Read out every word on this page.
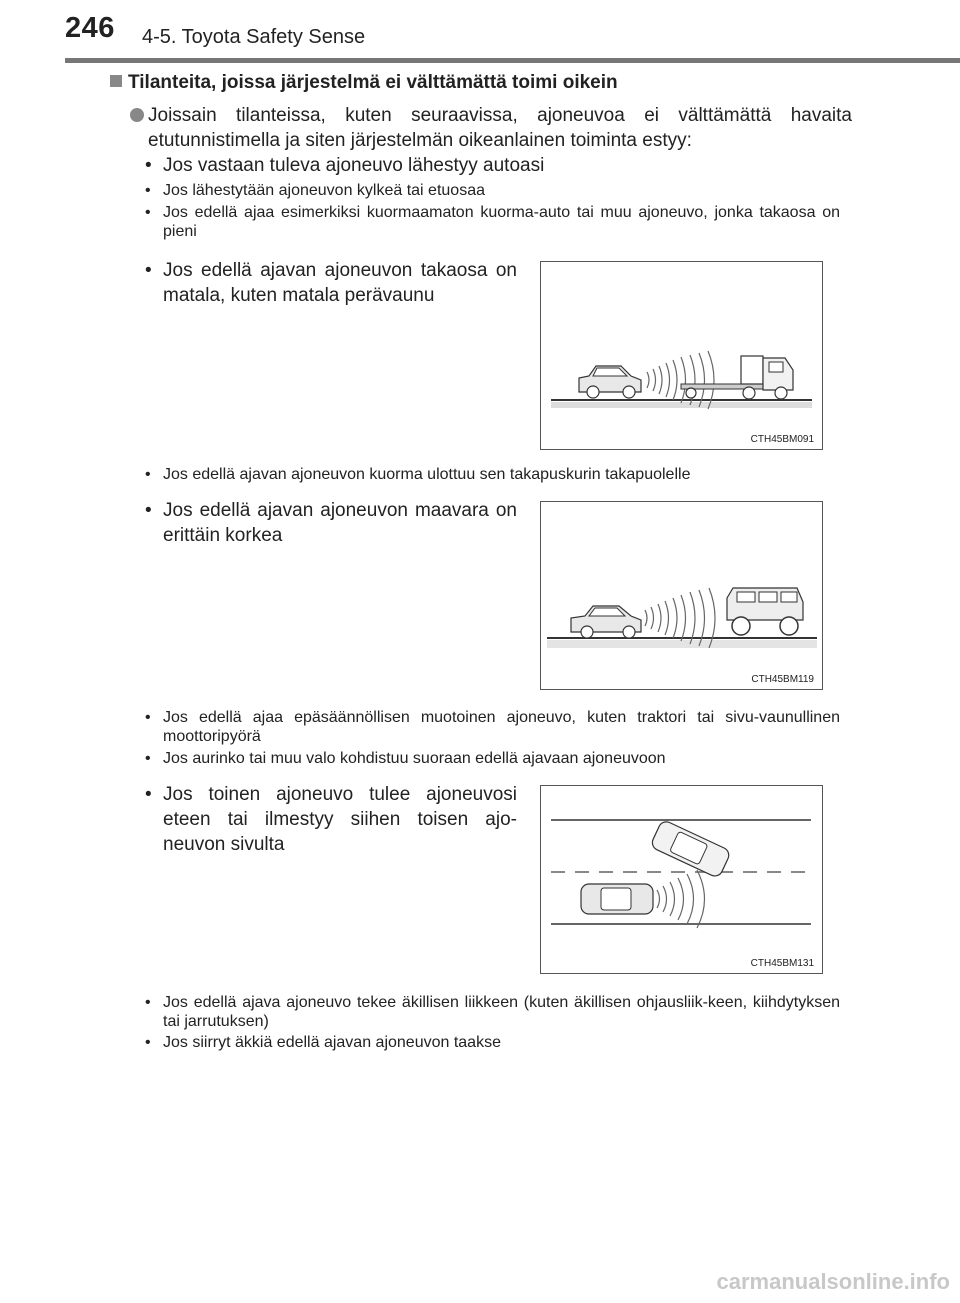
246 4-5. Toyota Safety Sense
Tilanteita, joissa järjestelmä ei välttämättä toimi oikein

Joissain tilanteissa, kuten seuraavissa, ajoneuvoa ei välttämättä havaita etutunnistimella ja siten järjestelmän oikeanlainen toiminta estyy:

• Jos vastaan tuleva ajoneuvo lähestyy autoasi
• Jos lähestytään ajoneuvon kylkeä tai etuosaa
• Jos edellä ajaa esimerkiksi kuormaamaton kuorma-auto tai muu ajoneuvo, jonka takaosa on pieni
• Jos edellä ajavan ajoneuvon takaosa on matala, kuten matala perävaunu
• Jos edellä ajavan ajoneuvon kuorma ulottuu sen takapuskurin takapuolelle
• Jos edellä ajavan ajoneuvon maavara on erittäin korkea
• Jos edellä ajaa epäsäännöllisen muotoinen ajoneuvo, kuten traktori tai sivu-vaunullinen moottoripyörä
• Jos aurinko tai muu valo kohdistuu suoraan edellä ajavaan ajoneuvoon
• Jos toinen ajoneuvo tulee ajoneuvosi eteen tai ilmestyy siihen toisen ajo-neuvon sivulta
• Jos edellä ajava ajoneuvo tekee äkillisen liikkeen (kuten äkillisen ohjausliik-keen, kiihdytyksen tai jarrutuksen)
• Jos siirryt äkkiä edellä ajavan ajoneuvon taakse
CTH45BM091
CTH45BM119
CTH45BM131
carmanualsonline.info
